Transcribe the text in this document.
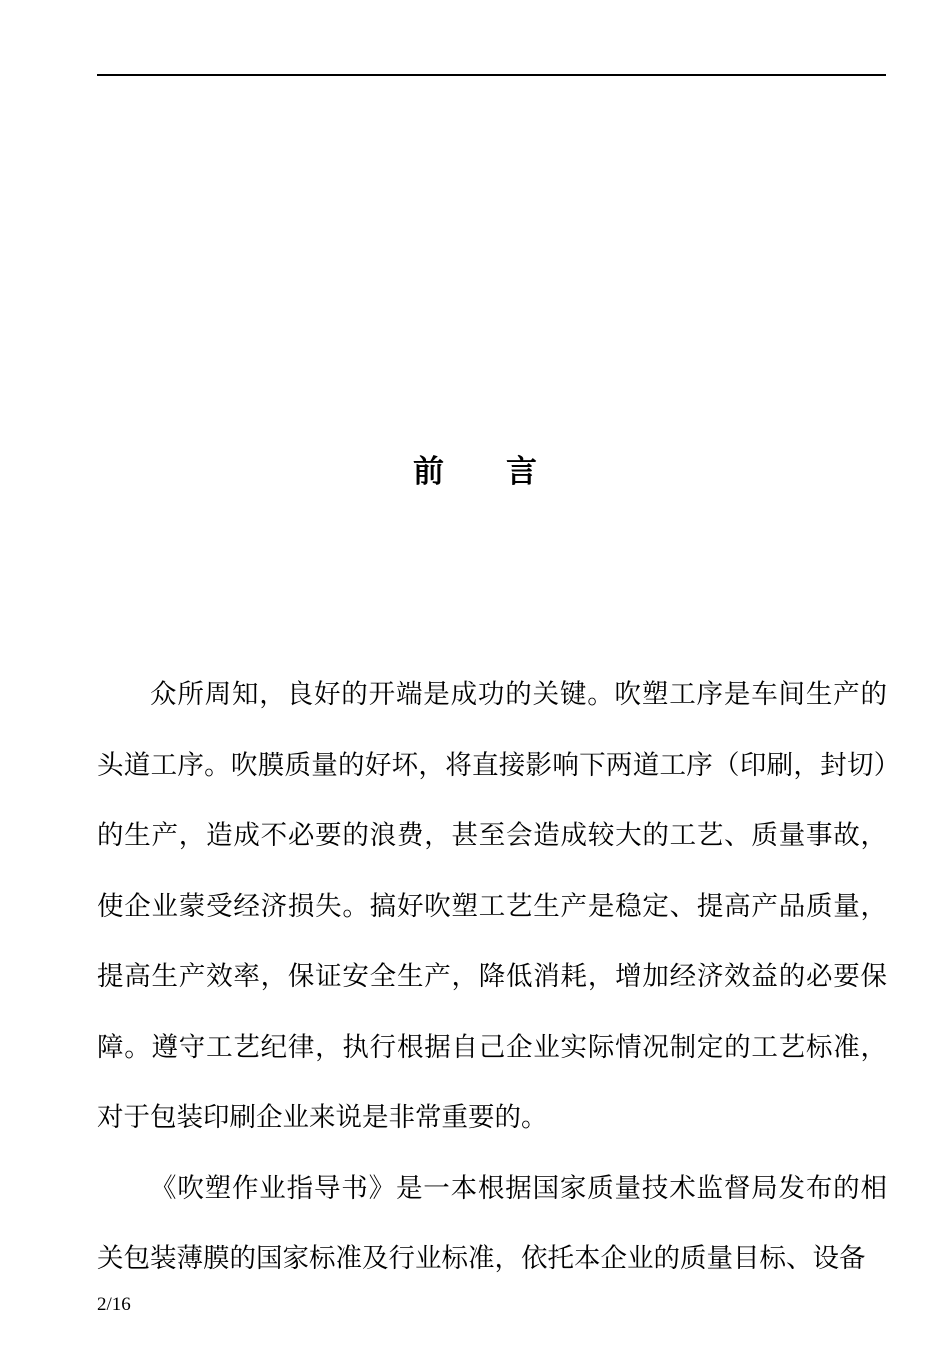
前 言

众所周知，良好的开端是成功的关键。吹塑工序是车间生产的头道工序。吹膜质量的好坏，将直接影响下两道工序（印刷，封切）的生产，造成不必要的浪费，甚至会造成较大的工艺、质量事故，使企业蒙受经济损失。搞好吹塑工艺生产是稳定、提高产品质量，提高生产效率，保证安全生产，降低消耗，增加经济效益的必要保障。遵守工艺纪律，执行根据自己企业实际情况制定的工艺标准，对于包装印刷企业来说是非常重要的。

《吹塑作业指导书》是一本根据国家质量技术监督局发布的相关包装薄膜的国家标准及行业标准，依托本企业的质量目标、设备

2/16
